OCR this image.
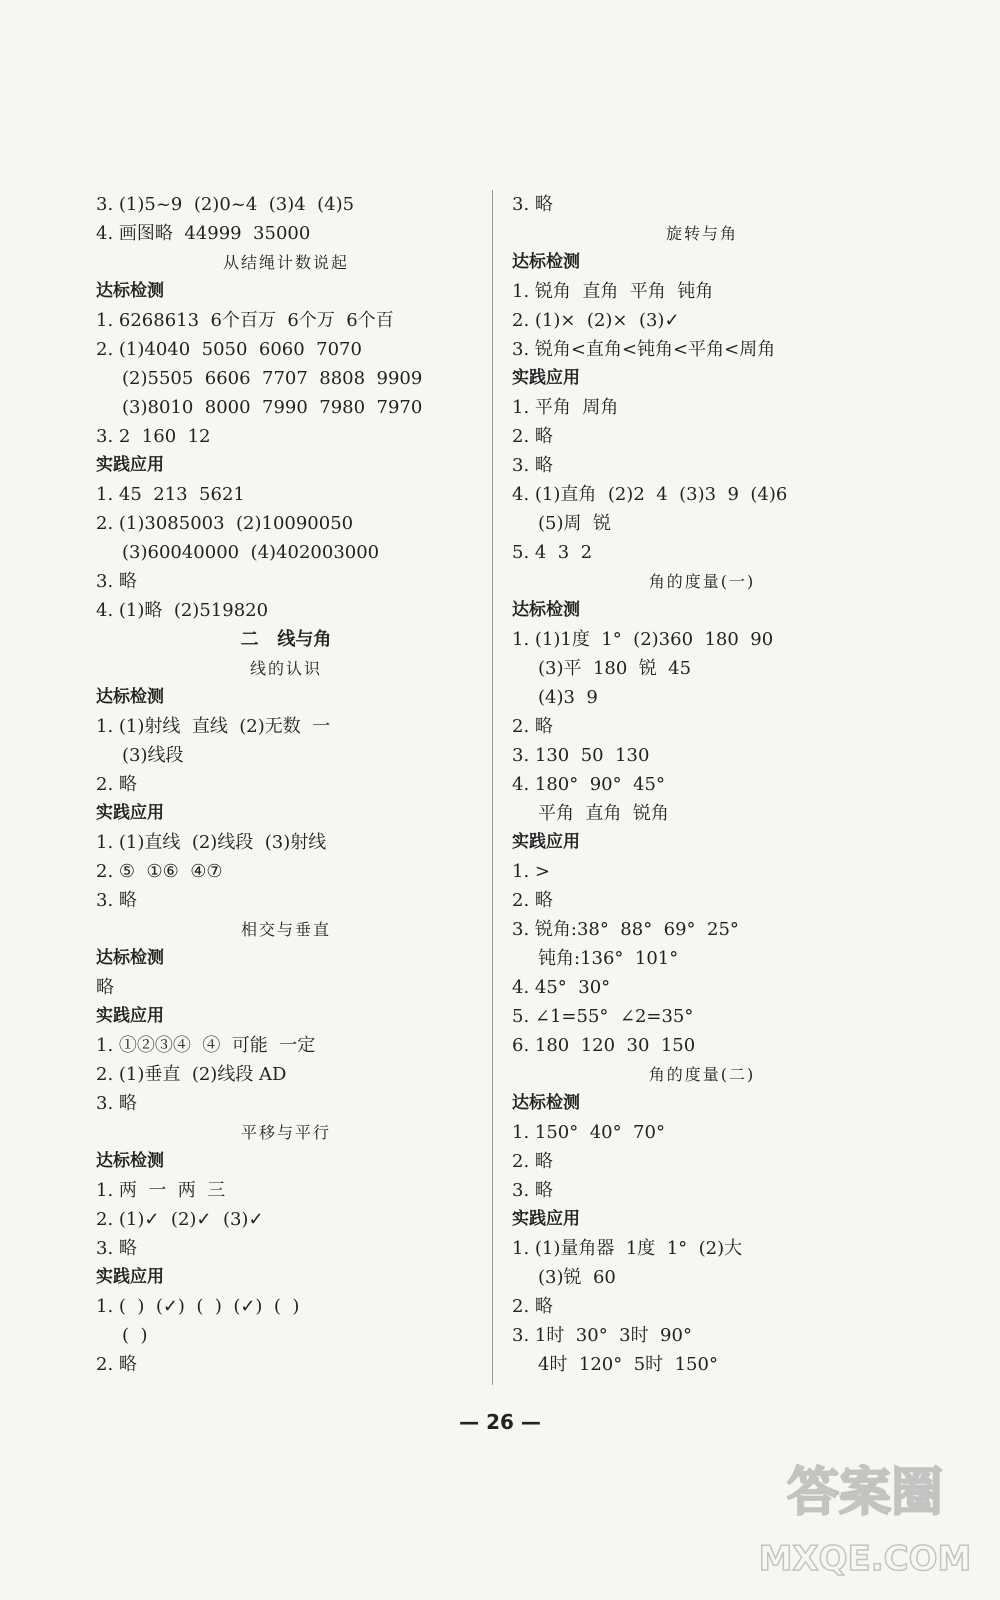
3. (1)5~9  (2)0~4  (3)4  (4)5
4. 画图略  44999  35000
从结绳计数说起
达标检测
1. 6268613  6个百万  6个万  6个百
2. (1)4040  5050  6060  7070
(2)5505  6606  7707  8808  9909
(3)8010  8000  7990  7980  7970
3. 2  160  12
实践应用
1. 45  213  5621
2. (1)3085003  (2)10090050
(3)60040000  (4)402003000
3. 略
4. (1)略  (2)519820
二   线与角
线的认识
达标检测
1. (1)射线  直线  (2)无数  一
(3)线段
2. 略
实践应用
1. (1)直线  (2)线段  (3)射线
2. ⑤  ①⑥  ④⑦
3. 略
相交与垂直
达标检测
略
实践应用
1. ①②③④  ④  可能  一定
2. (1)垂直  (2)线段 AD
3. 略
平移与平行
达标检测
1. 两  一  两  三
2. (1)✓  (2)✓  (3)✓
3. 略
实践应用
1. (  )  (✓)  (  )  (✓)  (  )
(  )
2. 略
3. 略
旋转与角
达标检测
1. 锐角  直角  平角  钝角
2. (1)×  (2)×  (3)✓
3. 锐角<直角<钝角<平角<周角
实践应用
1. 平角  周角
2. 略
3. 略
4. (1)直角  (2)2  4  (3)3  9  (4)6
(5)周  锐
5. 4  3  2
角的度量(一)
达标检测
1. (1)1度  1°  (2)360  180  90
(3)平  180  锐  45
(4)3  9
2. 略
3. 130  50  130
4. 180°  90°  45°
平角  直角  锐角
实践应用
1. >
2. 略
3. 锐角:38°  88°  69°  25°
钝角:136°  101°
4. 45°  30°
5. ∠1=55°  ∠2=35°
6. 180  120  30  150
角的度量(二)
达标检测
1. 150°  40°  70°
2. 略
3. 略
实践应用
1. (1)量角器  1度  1°  (2)大
(3)锐  60
2. 略
3. 1时  30°  3时  90°
4时  120°  5时  150°
— 26 —
答案圈
MXQE.COM
